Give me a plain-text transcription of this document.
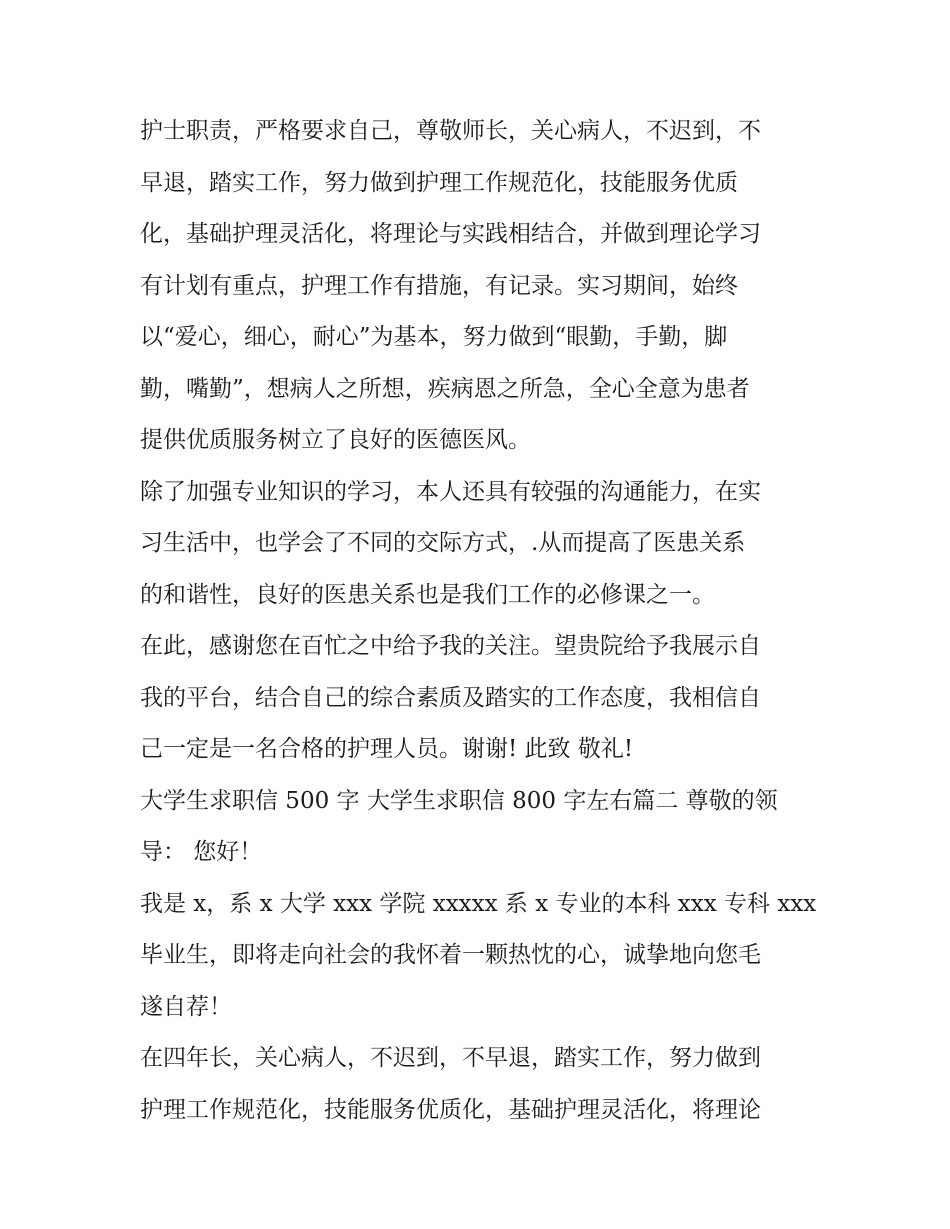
护士职责，严格要求自己，尊敬师长，关心病人，不迟到，不
早退，踏实工作，努力做到护理工作规范化，技能服务优质
化，基础护理灵活化，将理论与实践相结合，并做到理论学习
有计划有重点，护理工作有措施，有记录。实习期间，始终
以“爱心，细心，耐心”为基本，努力做到“眼勤，手勤，脚
勤，嘴勤”，想病人之所想，疾病恩之所急，全心全意为患者
提供优质服务树立了良好的医德医风。
除了加强专业知识的学习，本人还具有较强的沟通能力，在实
习生活中，也学会了不同的交际方式，.从而提高了医患关系
的和谐性，良好的医患关系也是我们工作的必修课之一。
在此，感谢您在百忙之中给予我的关注。望贵院给予我展示自
我的平台，结合自己的综合素质及踏实的工作态度，我相信自
己一定是一名合格的护理人员。谢谢! 此致 敬礼!
大学生求职信 500 字 大学生求职信 800 字左右篇二 尊敬的领
导： 您好！
我是 x，系 x 大学 xxx 学院 xxxxx 系 x 专业的本科 xxx 专科 xxx
毕业生，即将走向社会的我怀着一颗热忱的心，诚挚地向您毛
遂自荐！
在四年长，关心病人，不迟到，不早退，踏实工作，努力做到
护理工作规范化，技能服务优质化，基础护理灵活化，将理论
